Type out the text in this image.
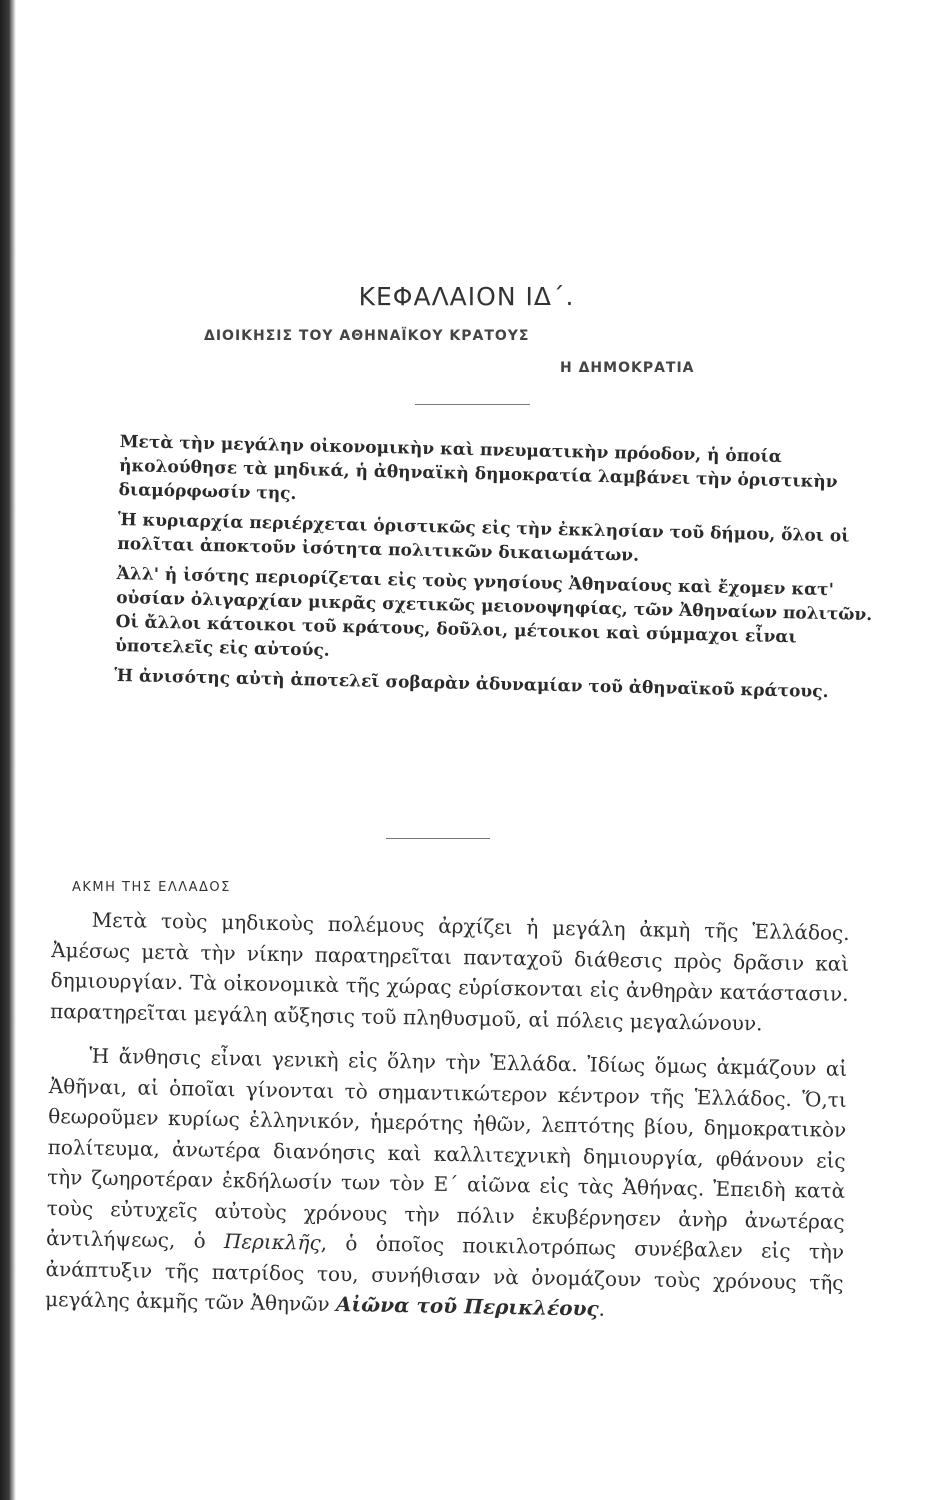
ΚΕΦΑΛΑΙΟΝ ΙΔ΄.
ΔΙΟΙΚΗΣΙΣ ΤΟΥ ΑΘΗΝΑΪΚΟΥ ΚΡΑΤΟΥΣ
Η ΔΗΜΟΚΡΑΤΙΑ

Μετὰ τὴν μεγάλην οἰκονομικὴν καὶ πνευματικὴν πρόοδον, ἡ ὁποία ἠκολούθησε τὰ μηδικά, ἡ ἀθηναϊκὴ δημοκρατία λαμβάνει τὴν ὁριστικὴν διαμόρφωσίν της.

Ἡ κυριαρχία περιέρχεται ὁριστικῶς εἰς τὴν ἐκκλησίαν τοῦ δήμου, ὅλοι οἱ πολῖται ἀποκτοῦν ἰσότητα πολιτικῶν δικαιωμάτων.

Ἀλλ' ἡ ἰσότης περιορίζεται εἰς τοὺς γνησίους Ἀθηναίους καὶ ἔχομεν κατ' οὐσίαν ὀλιγαρχίαν μικρᾶς σχετικῶς μειονοψηφίας, τῶν Ἀθηναίων πολιτῶν. Οἱ ἄλλοι κάτοικοι τοῦ κράτους, δοῦλοι, μέτοικοι καὶ σύμμαχοι εἶναι ὑποτελεῖς εἰς αὐτούς.

Ἡ ἀνισότης αὐτὴ ἀποτελεῖ σοβαρὰν ἀδυναμίαν τοῦ ἀθηναϊκοῦ κράτους.

ΑΚΜΗ ΤΗΣ ΕΛΛΑΔΟΣ

Μετὰ τοὺς μηδικοὺς πολέμους ἀρχίζει ἡ μεγάλη ἀκμὴ τῆς Ἑλλάδος. Ἀμέσως μετὰ τὴν νίκην παρατηρεῖται πανταχοῦ διάθεσις πρὸς δρᾶσιν καὶ δημιουργίαν. Τὰ οἰκονομικὰ τῆς χώρας εὑρίσκονται εἰς ἀνθηρὰν κατάστασιν. παρατηρεῖται μεγάλη αὔξησις τοῦ πληθυσμοῦ, αἱ πόλεις μεγαλώνουν.

Ἡ ἄνθησις εἶναι γενικὴ εἰς ὅλην τὴν Ἑλλάδα. Ἰδίως ὅμως ἀκμάζουν αἱ Ἀθῆναι, αἱ ὁποῖαι γίνονται τὸ σημαντικώτερον κέντρον τῆς Ἑλλάδος. Ὅ,τι θεωροῦμεν κυρίως ἑλληνικόν, ἡμερότης ἠθῶν, λεπτότης βίου, δημοκρατικὸν πολίτευμα, ἀνωτέρα διανόησις καὶ καλλιτεχνικὴ δημιουργία, φθάνουν εἰς τὴν ζωηροτέραν ἐκδήλωσίν των τὸν Ε΄ αἰῶνα εἰς τὰς Ἀθήνας. Ἐπειδὴ κατὰ τοὺς εὐτυχεῖς αὐτοὺς χρόνους τὴν πόλιν ἐκυβέρνησεν ἀνὴρ ἀνωτέρας ἀντιλήψεως, ὁ Περικλῆς, ὁ ὁποῖος ποικιλοτρόπως συνέβαλεν εἰς τὴν ἀνάπτυξιν τῆς πατρίδος του, συνήθισαν νὰ ὀνομάζουν τοὺς χρόνους τῆς μεγάλης ἀκμῆς τῶν Ἀθηνῶν Αἰῶνα τοῦ Περικλέους.
